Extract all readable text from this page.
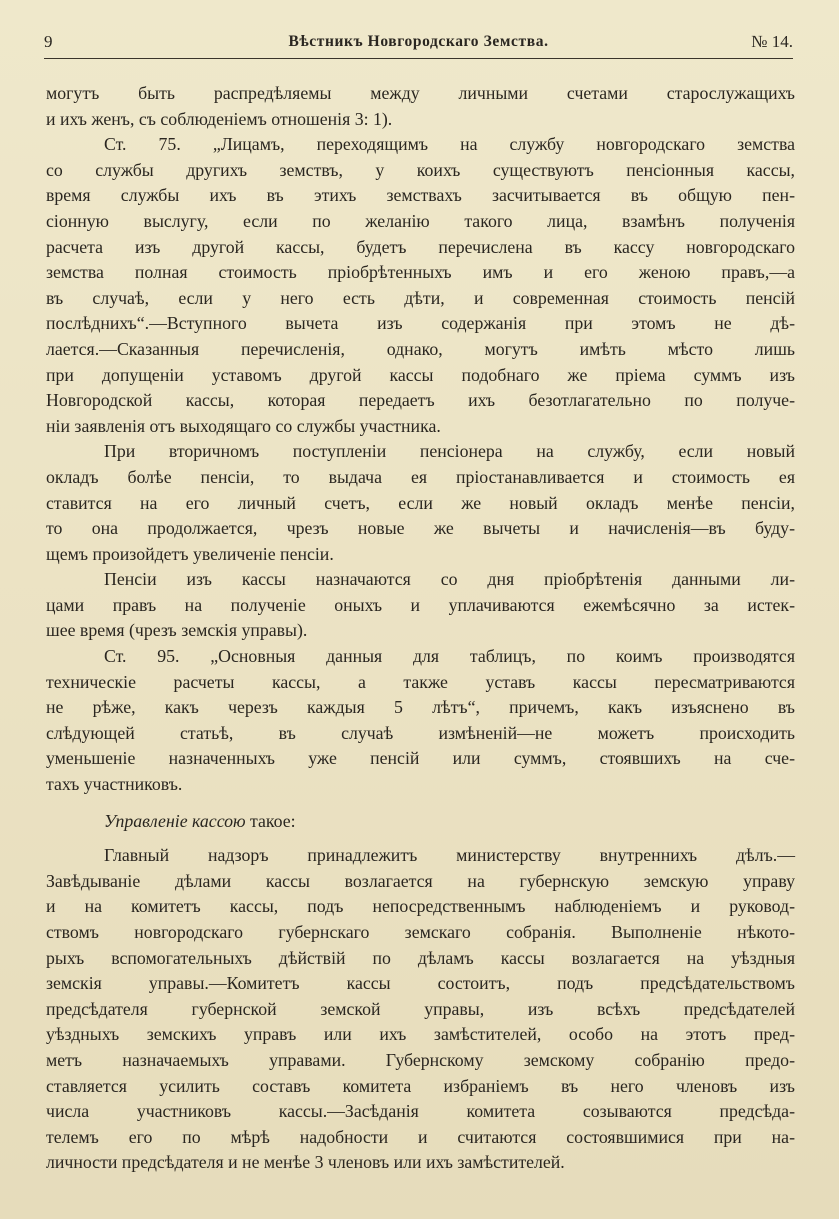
9	Вѣстникъ Новгородскаго Земства.	№ 14.
могутъ быть распредѣляемы между личными счетами старослужащихъ
и ихъ женъ, съ соблюденіемъ отношенія 3: 1).
Ст. 75. „Лицамъ, переходящимъ на службу новгородскаго земства
со службы другихъ земствъ, у коихъ существуютъ пенсіонныя кассы,
время службы ихъ въ этихъ земствахъ засчитывается въ общую пен-
сіонную выслугу, если по желанію такого лица, взамѣнъ полученія
расчета изъ другой кассы, будетъ перечислена въ кассу новгородскаго
земства полная стоимость пріобрѣтенныхъ имъ и его женою правъ,—а
въ случаѣ, если у него есть дѣти, и современная стоимость пенсій
послѣднихъ“.—Вступного вычета изъ содержанія при этомъ не дѣ-
лается.—Сказанныя перечисленія, однако, могутъ имѣть мѣсто лишь
при допущеніи уставомъ другой кассы подобнаго же пріема суммъ изъ
Новгородской кассы, которая передаетъ ихъ безотлагательно по получе-
ніи заявленія отъ выходящаго со службы участника.
При вторичномъ поступленіи пенсіонера на службу, если новый
окладъ болѣе пенсіи, то выдача ея пріостанавливается и стоимость ея
ставится на его личный счетъ, если же новый окладъ менѣе пенсіи,
то она продолжается, чрезъ новые же вычеты и начисленія—въ буду-
щемъ произойдетъ увеличеніе пенсіи.
Пенсіи изъ кассы назначаются со дня пріобрѣтенія данными ли-
цами правъ на полученіе оныхъ и уплачиваются ежемѣсячно за истек-
шее время (чрезъ земскія управы).
Ст. 95. „Основныя данныя для таблицъ, по коимъ производятся
техническіе расчеты кассы, а также уставъ кассы пересматриваются
не рѣже, какъ черезъ каждыя 5 лѣтъ“, причемъ, какъ изъяснено въ
слѣдующей статьѣ, въ случаѣ измѣненій—не можетъ происходить
уменьшеніе назначенныхъ уже пенсій или суммъ, стоявшихъ на сче-
тахъ участниковъ.
Управленіе кассою такое:
Главный надзоръ принадлежитъ министерству внутреннихъ дѣлъ.—
Завѣдываніе дѣлами кассы возлагается на губернскую земскую управу
и на комитетъ кассы, подъ непосредственнымъ наблюденіемъ и руковод-
ствомъ новгородскаго губернскаго земскаго собранія. Выполненіе нѣкото-
рыхъ вспомогательныхъ дѣйствій по дѣламъ кассы возлагается на уѣздныя
земскія управы.—Комитетъ кассы состоитъ, подъ предсѣдательствомъ
предсѣдателя губернской земской управы, изъ всѣхъ предсѣдателей
уѣздныхъ земскихъ управъ или ихъ замѣстителей, особо на этотъ пред-
метъ назначаемыхъ управами. Губернскому земскому собранію предо-
ставляется усилить составъ комитета избраніемъ въ него членовъ изъ
числа участниковъ кассы.—Засѣданія комитета созываются предсѣда-
телемъ его по мѣрѣ надобности и считаются состоявшимися при на-
личности предсѣдателя и не менѣе 3 членовъ или ихъ замѣстителей.
